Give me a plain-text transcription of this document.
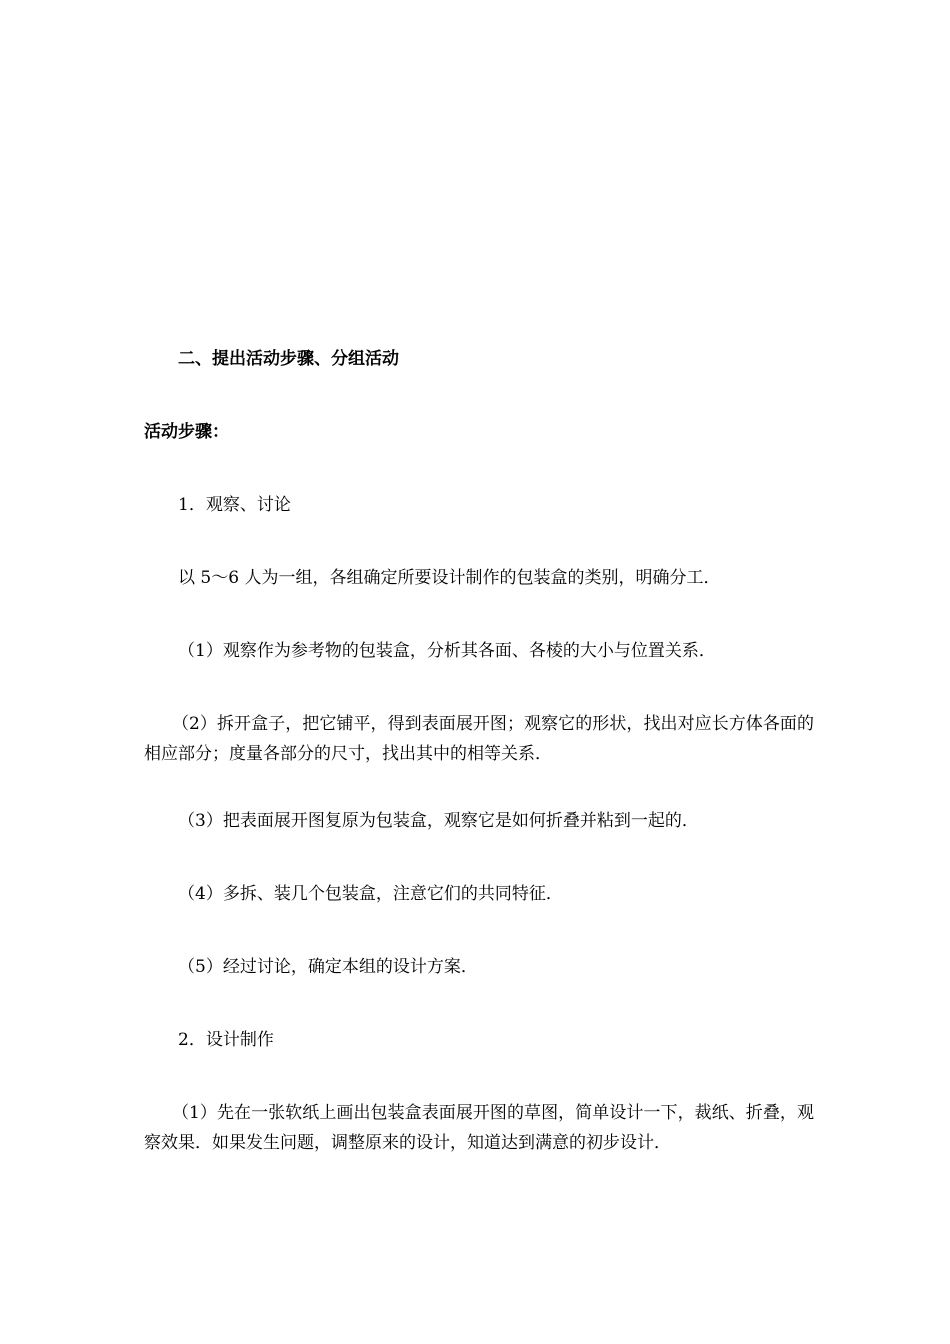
二、提出活动步骤、分组活动
活动步骤：
1．观察、讨论
以 5～6 人为一组，各组确定所要设计制作的包装盒的类别，明确分工．
（1）观察作为参考物的包装盒，分析其各面、各棱的大小与位置关系．
（2）拆开盒子，把它铺平，得到表面展开图；观察它的形状，找出对应长方体各面的相应部分；度量各部分的尺寸，找出其中的相等关系．
（3）把表面展开图复原为包装盒，观察它是如何折叠并粘到一起的．
（4）多拆、装几个包装盒，注意它们的共同特征．
（5）经过讨论，确定本组的设计方案．
2．设计制作
（1）先在一张软纸上画出包装盒表面展开图的草图，简单设计一下，裁纸、折叠，观察效果．如果发生问题，调整原来的设计，知道达到满意的初步设计．
